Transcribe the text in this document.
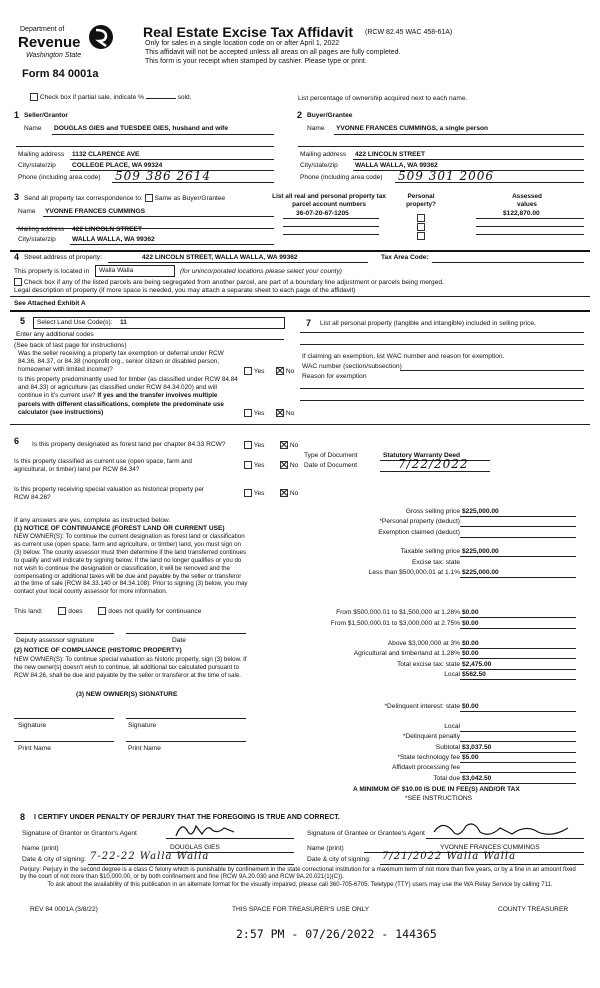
Department of
Revenue
Washington State
Form 84 0001a
Real Estate Excise Tax Affidavit (RCW 82.45 WAC 458-61A)
Only for sales in a single location code on or after April 1, 2022
This affidavit will not be accepted unless all areas on all pages are fully completed.
This form is your receipt when stamped by cashier. Please type or print.
Check box if partial sale, indicate %	sold.	List percentage of ownership acquired next to each name.
1 Seller/Grantor
Name DOUGLAS GIES and TUESDEE GIES, husband and wife
Mailing address 1132 CLARENCE AVE
City/state/zip COLLEGE PLACE, WA 99324
Phone (including area code) 509 386 2614
2 Buyer/Grantee
Name YVONNE FRANCES CUMMINGS, a single person
Mailing address 422 LINCOLN STREET
City/state/zip	WALLA WALLA, WA 99362
Phone (including area code) 509 301 2006
3 Send all property tax correspondence to: Same as Buyer/Grantee
Name YVONNE FRANCES CUMMINGS
Mailing address 422 LINCOLN STREET
City/state/zip WALLA WALLA, WA 99362
List all real and personal property tax parcel account numbers
36-07-20-67-1205
Personal property?
Assessed values
$122,870.00
4 Street address of property:	422 LINCOLN STREET, WALLA WALLA, WA 99362	Tax Area Code:
This property is located in Walla Walla	(for unincorporated locations please select your county)
Check box if any of the listed parcels are being segregated from another parcel, are part of a boundary line adjustment or parcels being merged.
Legal description of property (if more space is needed, you may attach a separate sheet to each page of the affidavit)
See Attached Exhibit A
5 Select Land Use Code(s): 11
Enter any additional codes
(See back of last page for instructions)
Was the seller receiving a property tax exemption or deferral under RCW 84.36, 84.37, or 84.38 (nonprofit org., senior citizen or disabled person, homeowner with limited income)?	Yes	No
Is this property predominantly used for timber (as classified under RCW 84.84 and 84.33) or agriculture (as classified under RCW 84.34.020) and will continue in it's current use? If yes and the transfer involves multiple parcels with different classifications, complete the predominate use calculator (see instructions)	Yes	No
7 List all personal property (tangible and intangible) included in selling price.
If claiming an exemption, list WAC number and reason for exemption.
WAC number (section/subsection)
Reason for exemption
6 Is this property designated as forest land per chapter 84.33 RCW?	Yes	No
Is this property classified as current use (open space, farm and agricultural, or timber) land per RCW 84.34?
Yes	No
Is this property receiving special valuation as historical property per RCW 84.26?
Yes	No
Type of Document	Statutory Warranty Deed
Date of Document	7/22/2022
If any answers are yes, complete as instructed below.
(1) NOTICE OF CONTINUANCE (FOREST LAND OR CURRENT USE)
NEW OWNER(S): To continue the current designation as forest land or classification as current use (open space, farm and agriculture, or timber) land, you must sign on (3) below. The county assessor must then determine if the land transferred continues to qualify and will indicate by signing below. If the land no longer qualifies or you do not wish to continue the designation or classification, it will be removed and the compensating or additional taxes will be due and payable by the seller or transferor at the time of sale (RCW 84.33.140 or 84.34.108). Prior to signing (3) below, you may contact your local county assessor for more information.
This land:	does	does not qualify for continuance
Deputy assessor signature	Date
(2) NOTICE OF COMPLIANCE (HISTORIC PROPERTY)
NEW OWNER(S): To continue special valuation as historic property, sign (3) below. If the new owner(s) doesn't wish to continue, all additional tax calculated pursuant to RCW 84.26, shall be due and payable by the seller or transferor at the time of sale.
(3) NEW OWNER(S) SIGNATURE
Signature	Signature
Print Name	Print Name
Gross selling price $225,000.00
*Personal property (deduct)
Exemption claimed (deduct)
Taxable selling price $225,000.00
Excise tax: state
Less than $500,000.01 at 1.1% $225,000.00
From $500,000.01 to $1,500,000 at 1.28% $0.00
From $1,500,000.01 to $3,000,000 at 2.75% $0.00
Above $3,000,000 at 3% $0.00
Agricultural and timberland at 1.28% $0.00
Total excise tax: state $2,475.00
Local $562.50
*Delinquent interest: state $0.00
Local
*Delinquent penalty
Subtotal $3,037.50
*State technology fee $5.00
Affidavit processing fee
Total due $3,042.50
A MINIMUM OF $10.00 IS DUE IN FEE(S) AND/OR TAX
*SEE INSTRUCTIONS
8 I CERTIFY UNDER PENALTY OF PERJURY THAT THE FOREGOING IS TRUE AND CORRECT.
Signature of Grantor or Grantor's Agent
Name (print)	DOUGLAS GIES
Date & city of signing: 7-22-22 Walla Walla
Signature of Grantee or Grantee's Agent
Name (print)	YVONNE FRANCES CUMMINGS
Date & city of signing: 7/21/2022 Walla Walla
Perjury: Perjury in the second degree is a class C felony which is punishable by confinement in the state correctional institution for a maximum term of not more than five years, or by a fine in an amount fixed by the court of not more than $10,000.00, or by both confinement and fine (RCW 9A.20.030 and RCW 9A.20.021(1)(C)).
To ask about the availability of this publication in an alternate format for the visually impaired, please call 360-705-6705. Teletype (TTY) users may use the WA Relay Service by calling 711.
REV 84 0001A (3/8/22)	THIS SPACE FOR TREASURER'S USE ONLY	COUNTY TREASURER
2:57 PM - 07/26/2022 - 144365
